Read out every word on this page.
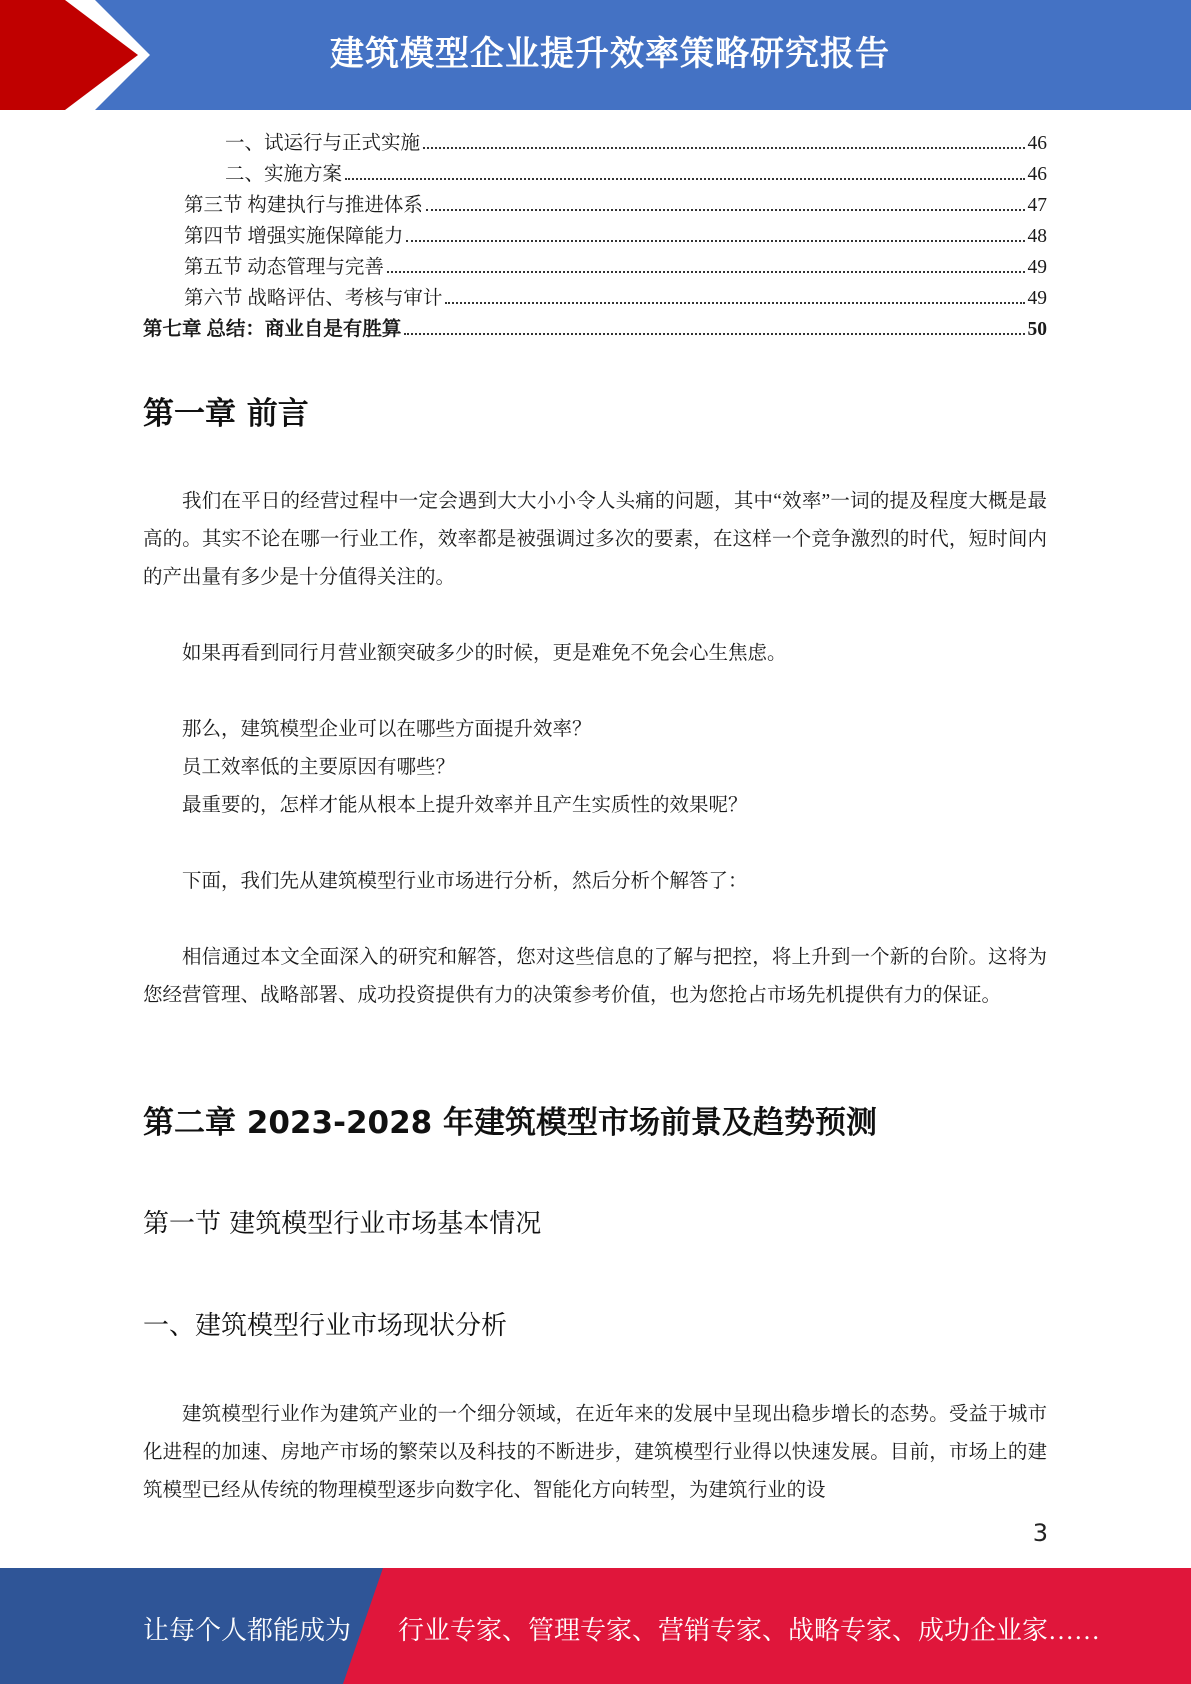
建筑模型企业提升效率策略研究报告
一、试运行与正式实施	46
二、实施方案	46
第三节 构建执行与推进体系	47
第四节 增强实施保障能力	48
第五节 动态管理与完善	49
第六节 战略评估、考核与审计	49
第七章 总结：商业自是有胜算	50
第一章 前言

我们在平日的经营过程中一定会遇到大大小小令人头痛的问题，其中“效率”一词的提及程度大概是最高的。其实不论在哪一行业工作，效率都是被强调过多次的要素，在这样一个竞争激烈的时代，短时间内的产出量有多少是十分值得关注的。

如果再看到同行月营业额突破多少的时候，更是难免不免会心生焦虑。

那么，建筑模型企业可以在哪些方面提升效率？
员工效率低的主要原因有哪些？
最重要的，怎样才能从根本上提升效率并且产生实质性的效果呢？

下面，我们先从建筑模型行业市场进行分析，然后分析个解答了：

相信通过本文全面深入的研究和解答，您对这些信息的了解与把控，将上升到一个新的台阶。这将为您经营管理、战略部署、成功投资提供有力的决策参考价值，也为您抢占市场先机提供有力的保证。

第二章 2023-2028 年建筑模型市场前景及趋势预测
第一节 建筑模型行业市场基本情况
一、建筑模型行业市场现状分析

建筑模型行业作为建筑产业的一个细分领域，在近年来的发展中呈现出稳步增长的态势。受益于城市化进程的加速、房地产市场的繁荣以及科技的不断进步，建筑模型行业得以快速发展。目前，市场上的建筑模型已经从传统的物理模型逐步向数字化、智能化方向转型，为建筑行业的设

3
让每个人都能成为 行业专家、管理专家、营销专家、战略专家、成功企业家……
